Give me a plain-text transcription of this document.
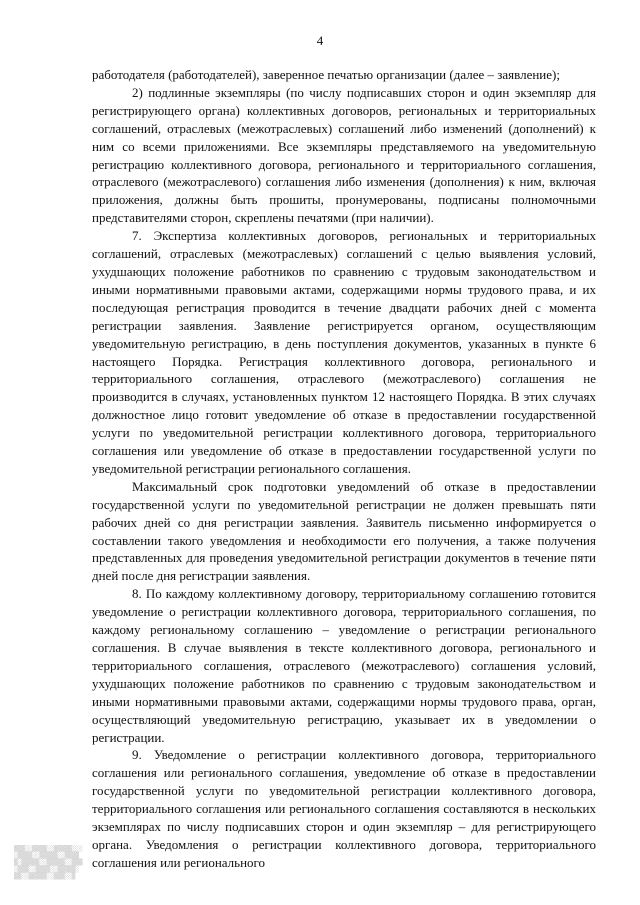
4

работодателя (работодателей), заверенное печатью организации (далее – заявление);

2) подлинные экземпляры (по числу подписавших сторон и один экземпляр для регистрирующего органа) коллективных договоров, региональных и территориальных соглашений, отраслевых (межотраслевых) соглашений либо изменений (дополнений) к ним со всеми приложениями. Все экземпляры представляемого на уведомительную регистрацию коллективного договора, регионального и территориального соглашения, отраслевого (межотраслевого) соглашения либо изменения (дополнения) к ним, включая приложения, должны быть прошиты, пронумерованы, подписаны полномочными представителями сторон, скреплены печатями (при наличии).

7. Экспертиза коллективных договоров, региональных и территориальных соглашений, отраслевых (межотраслевых) соглашений с целью выявления условий, ухудшающих положение работников по сравнению с трудовым законодательством и иными нормативными правовыми актами, содержащими нормы трудового права, и их последующая регистрация проводится в течение двадцати рабочих дней с момента регистрации заявления. Заявление регистрируется органом, осуществляющим уведомительную регистрацию, в день поступления документов, указанных в пункте 6 настоящего Порядка. Регистрация коллективного договора, регионального и территориального соглашения, отраслевого (межотраслевого) соглашения не производится в случаях, установленных пунктом 12 настоящего Порядка. В этих случаях должностное лицо готовит уведомление об отказе в предоставлении государственной услуги по уведомительной регистрации коллективного договора, территориального соглашения или уведомление об отказе в предоставлении государственной услуги по уведомительной регистрации регионального соглашения.

Максимальный срок подготовки уведомлений об отказе в предоставлении государственной услуги по уведомительной регистрации не должен превышать пяти рабочих дней со дня регистрации заявления. Заявитель письменно информируется о составлении такого уведомления и необходимости его получения, а также получения представленных для проведения уведомительной регистрации документов в течение пяти дней после дня регистрации заявления.

8. По каждому коллективному договору, территориальному соглашению готовится уведомление о регистрации коллективного договора, территориального соглашения, по каждому региональному соглашению – уведомление о регистрации регионального соглашения. В случае выявления в тексте коллективного договора, регионального и территориального соглашения, отраслевого (межотраслевого) соглашения условий, ухудшающих положение работников по сравнению с трудовым законодательством и иными нормативными правовыми актами, содержащими нормы трудового права, орган, осуществляющий уведомительную регистрацию, указывает их в уведомлении о регистрации.

9. Уведомление о регистрации коллективного договора, территориального соглашения или регионального соглашения, уведомление об отказе в предоставлении государственной услуги по уведомительной регистрации коллективного договора, территориального соглашения или регионального соглашения составляются в нескольких экземплярах по числу подписавших сторон и один экземпляр – для регистрирующего органа. Уведомления о регистрации коллективного договора, территориального соглашения или регионального

▒▒▒░░▒▒▒▒░░▒▒▒▒▒░░░
░▒▒▒▒░░▒▒▒▒▒░░▒▒▒▒
▒░▒▒▒▒▒░░▒▒▒▒▒░░▒▒▒
░▒▒▒░░▒▒▒▒░░▒▒▒▒▒░
▒▒░░▒▒▒▒▒░░▒▒▒░░▒
